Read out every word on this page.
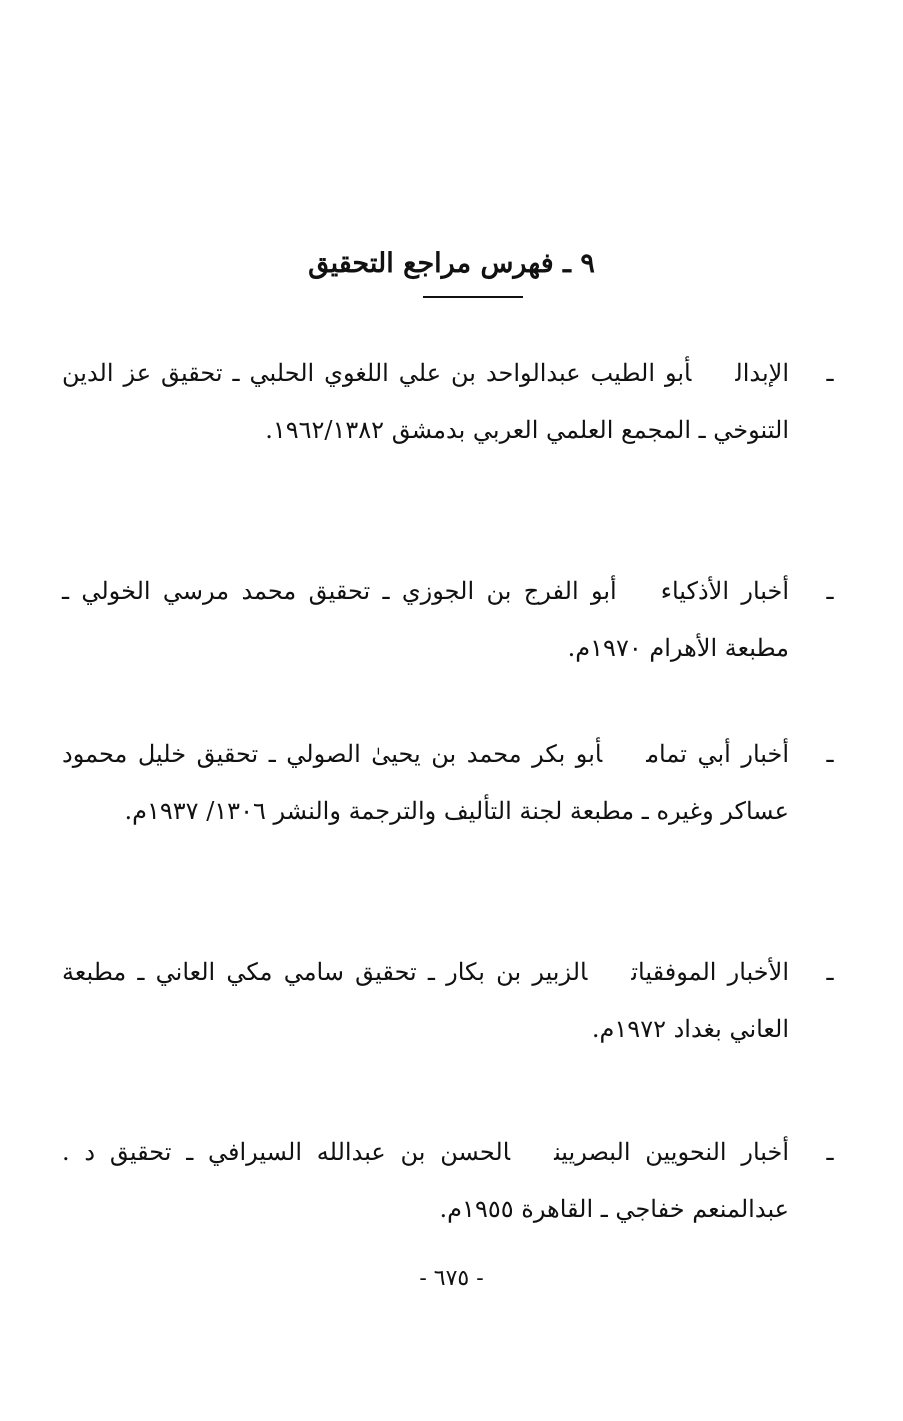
٩ ـ فهرس مراجع التحقيق
ـ
الإبدالأبو الطيب عبدالواحد بن علي اللغوي الحلبي ـ تحقيق عز الدين التنوخي ـ المجمع العلمي العربي بدمشق ١٩٦٢/١٣٨٢.
ـ
أخبار الأذكياءأبو الفرج بن الجوزي ـ تحقيق محمد مرسي الخولي ـ مطبعة الأهرام ١٩٧٠م.
ـ
أخبار أبي تمامأبو بكر محمد بن يحيىٰ الصولي ـ تحقيق خليل محمود عساكر وغيره ـ مطبعة لجنة التأليف والترجمة والنشر ١٣٠٦/ ١٩٣٧م.
ـ
الأخبار الموفقياتالزبير بن بكار ـ تحقيق سامي مكي العاني ـ مطبعة العاني بغداد ١٩٧٢م.
ـ
أخبار النحويين البصريينالحسن بن عبدالله السيرافي ـ تحقيق د . عبدالمنعم خفاجي ـ القاهرة ١٩٥٥م.
- ٦٧٥ -
